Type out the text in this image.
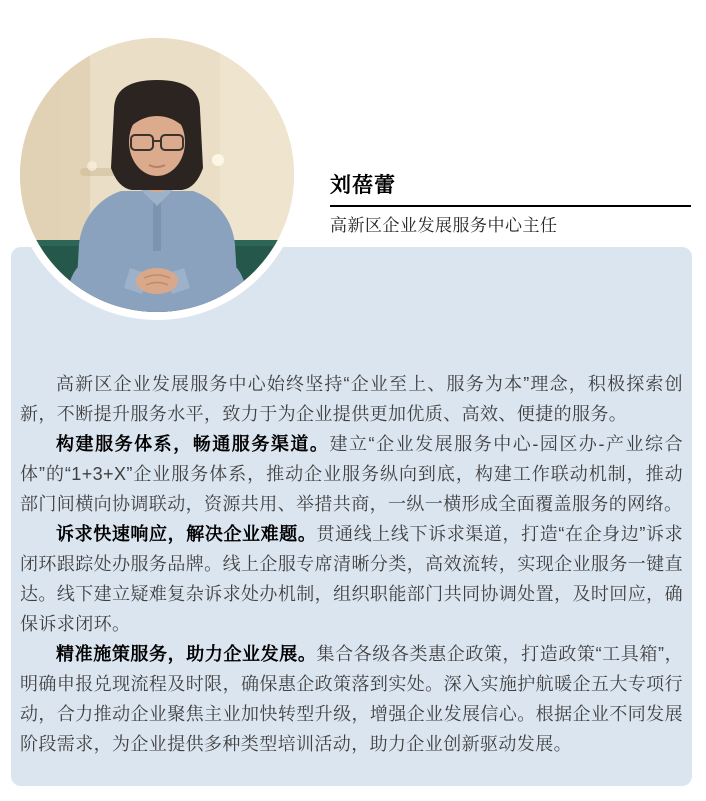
高新区企业发展服务中心始终坚持“企业至上、服务为本”理念，积极探索创新，不断提升服务水平，致力于为企业提供更加优质、高效、便捷的服务。

构建服务体系，畅通服务渠道。建立“企业发展服务中心-园区办-产业综合体”的“1+3+X”企业服务体系，推动企业服务纵向到底，构建工作联动机制，推动部门间横向协调联动，资源共用、举措共商，一纵一横形成全面覆盖服务的网络。

诉求快速响应，解决企业难题。贯通线上线下诉求渠道，打造“在企身边”诉求闭环跟踪处办服务品牌。线上企服专席清晰分类，高效流转，实现企业服务一键直达。线下建立疑难复杂诉求处办机制，组织职能部门共同协调处置，及时回应，确保诉求闭环。

精准施策服务，助力企业发展。集合各级各类惠企政策，打造政策“工具箱”，明确申报兑现流程及时限，确保惠企政策落到实处。深入实施护航暖企五大专项行动，合力推动企业聚焦主业加快转型升级，增强企业发展信心。根据企业不同发展阶段需求，为企业提供多种类型培训活动，助力企业创新驱动发展。

刘蓓蕾
高新区企业发展服务中心主任
